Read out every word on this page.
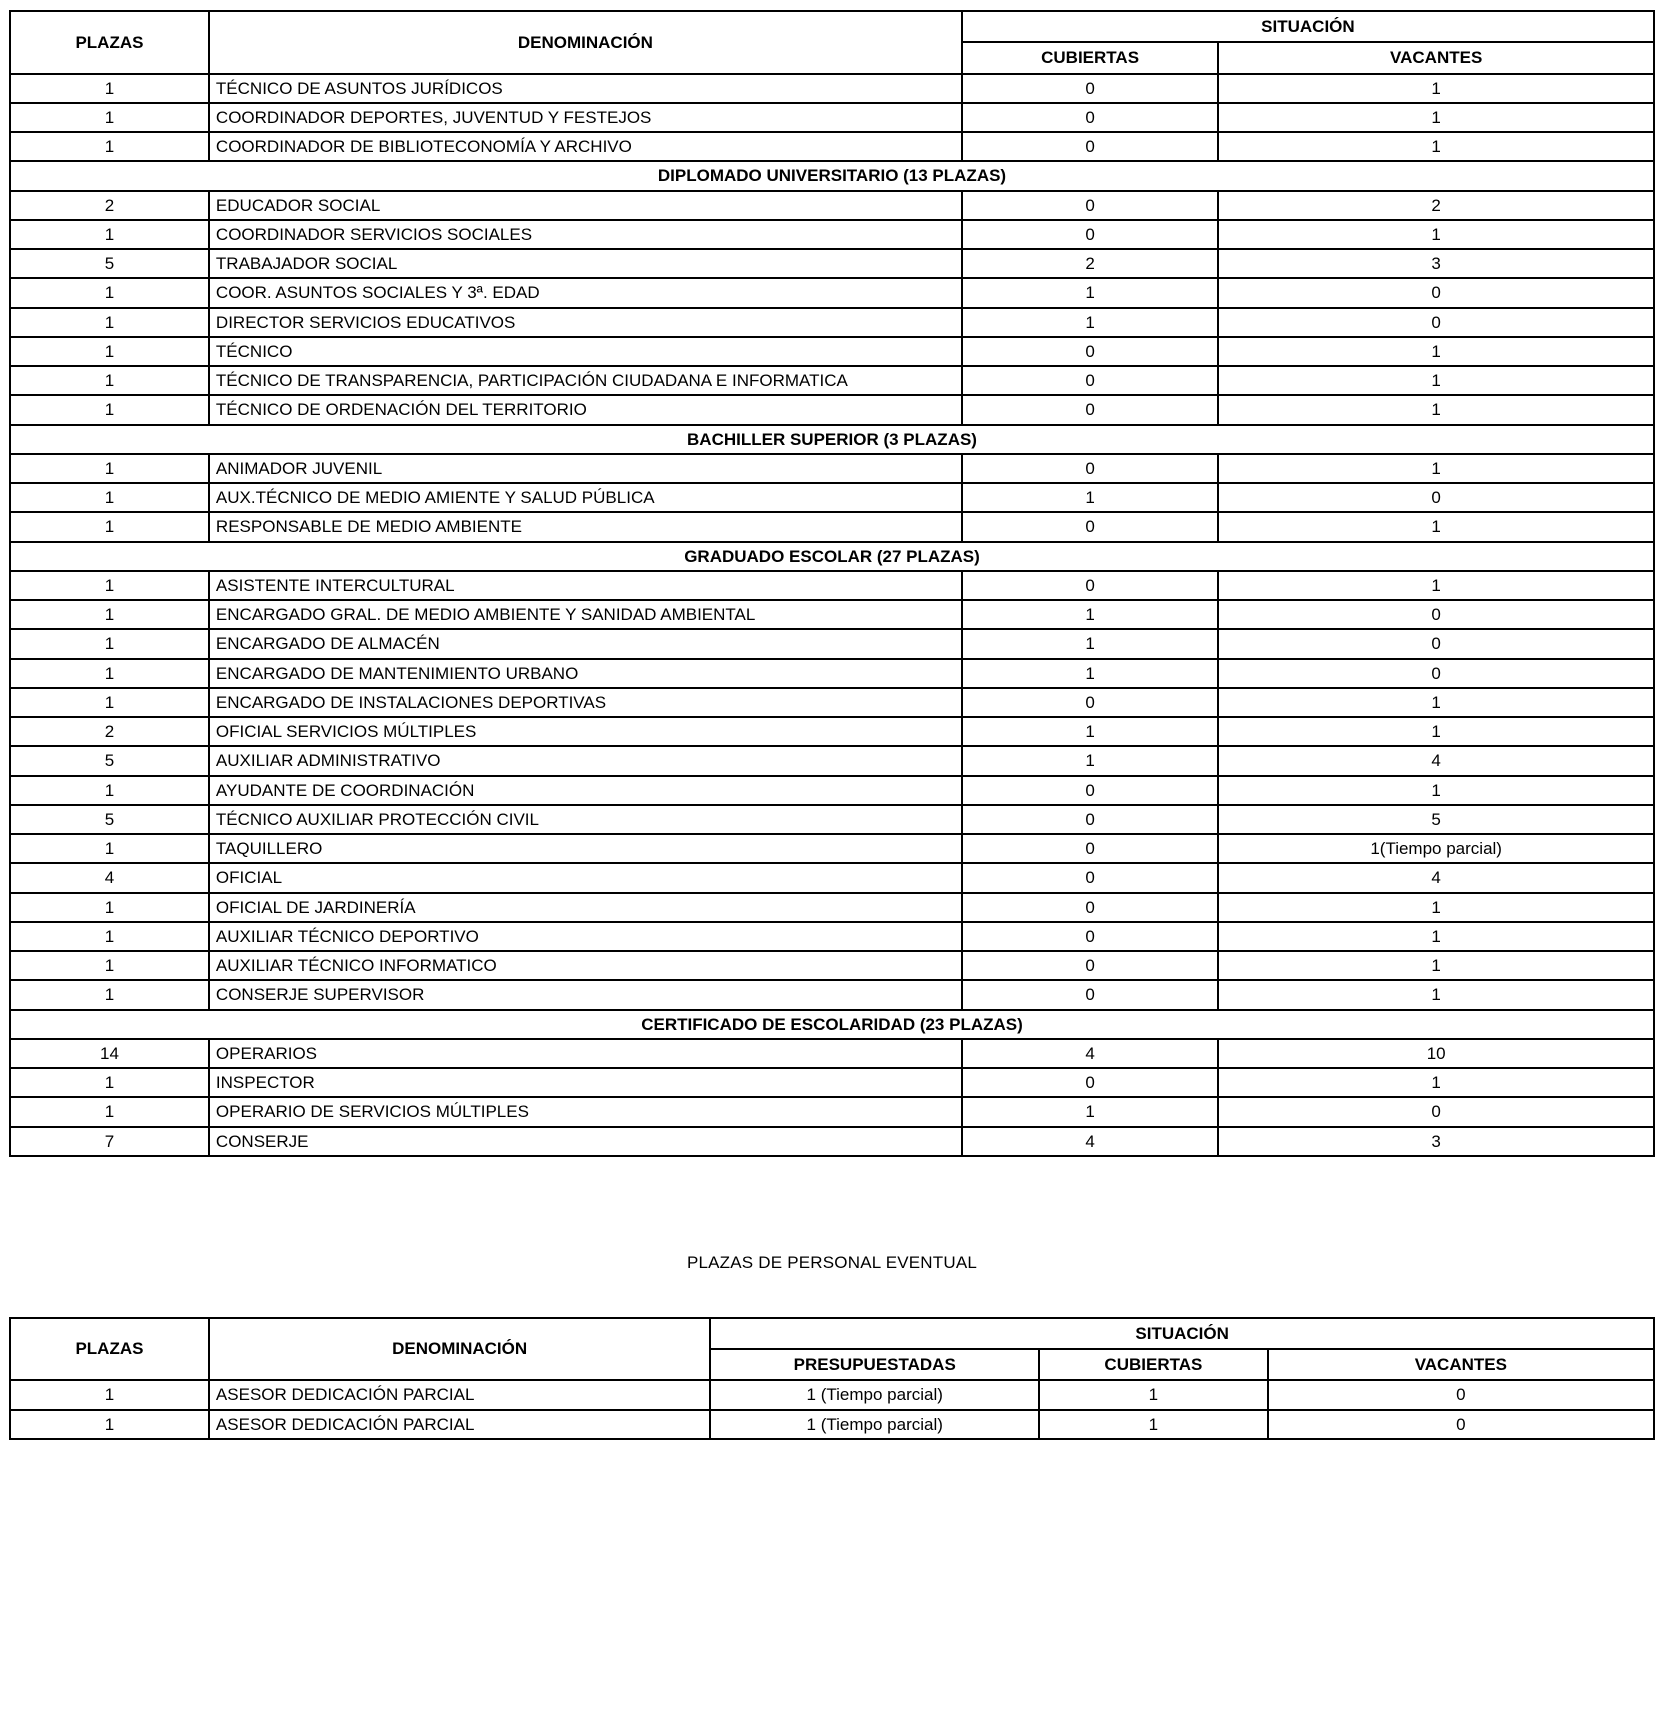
PLAZAS	DENOMINACIÓN	SITUACIÓN	
		CUBIERTAS	VACANTES
1	TÉCNICO DE ASUNTOS JURÍDICOS	0	1
1	COORDINADOR DEPORTES, JUVENTUD Y FESTEJOS	0	1
1	COORDINADOR DE BIBLIOTECONOMÍA Y ARCHIVO	0	1
DIPLOMADO UNIVERSITARIO (13 PLAZAS)			
2	EDUCADOR SOCIAL	0	2
1	COORDINADOR SERVICIOS SOCIALES	0	1
5	TRABAJADOR SOCIAL	2	3
1	COOR. ASUNTOS SOCIALES Y 3ª. EDAD	1	0
1	DIRECTOR SERVICIOS EDUCATIVOS	1	0
1	TÉCNICO	0	1
1	TÉCNICO DE TRANSPARENCIA, PARTICIPACIÓN CIUDADANA E INFORMATICA	0	1
1	TÉCNICO DE ORDENACIÓN DEL TERRITORIO	0	1
BACHILLER SUPERIOR (3 PLAZAS)			
1	ANIMADOR JUVENIL	0	1
1	AUX.TÉCNICO DE MEDIO AMIENTE Y SALUD PÚBLICA	1	0
1	RESPONSABLE DE MEDIO AMBIENTE	0	1
GRADUADO ESCOLAR (27 PLAZAS)			
1	ASISTENTE INTERCULTURAL	0	1
1	ENCARGADO GRAL. DE MEDIO AMBIENTE Y SANIDAD AMBIENTAL	1	0
1	ENCARGADO DE ALMACÉN	1	0
1	ENCARGADO DE MANTENIMIENTO URBANO	1	0
1	ENCARGADO DE INSTALACIONES DEPORTIVAS	0	1
2	OFICIAL SERVICIOS MÚLTIPLES	1	1
5	AUXILIAR ADMINISTRATIVO	1	4
1	AYUDANTE DE COORDINACIÓN	0	1
5	TÉCNICO AUXILIAR PROTECCIÓN CIVIL	0	5
1	TAQUILLERO	0	1(Tiempo parcial)
4	OFICIAL	0	4
1	OFICIAL DE JARDINERÍA	0	1
1	AUXILIAR TÉCNICO DEPORTIVO	0	1
1	AUXILIAR TÉCNICO INFORMATICO	0	1
1	CONSERJE SUPERVISOR	0	1
CERTIFICADO DE ESCOLARIDAD (23 PLAZAS)			
14	OPERARIOS	4	10
1	INSPECTOR	0	1
1	OPERARIO DE SERVICIOS MÚLTIPLES	1	0
7	CONSERJE	4	3
PLAZAS DE PERSONAL EVENTUAL
PLAZAS	DENOMINACIÓN	SITUACIÓN		
		PRESUPUESTADAS	CUBIERTAS	VACANTES
1	ASESOR DEDICACIÓN PARCIAL	1 (Tiempo parcial)	1	0
1	ASESOR DEDICACIÓN PARCIAL	1 (Tiempo parcial)	1	0
